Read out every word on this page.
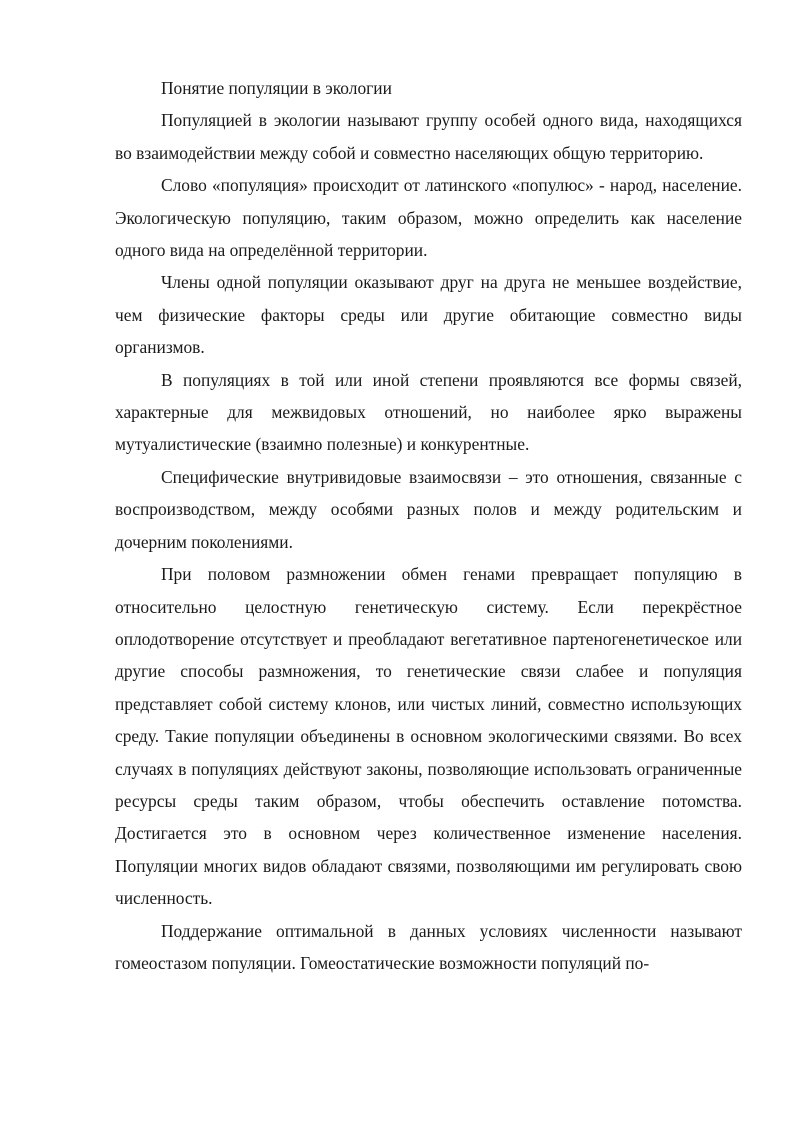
Понятие популяции в экологии

Популяцией в экологии называют группу особей одного вида, находящихся во взаимодействии между собой и совместно населяющих общую территорию.

Слово «популяция» происходит от латинского «популюс» - народ, население. Экологическую популяцию, таким образом, можно определить как население одного вида на определённой территории.

Члены одной популяции оказывают друг на друга не меньшее воздействие, чем физические факторы среды или другие обитающие совместно виды организмов.

В популяциях в той или иной степени проявляются все формы связей, характерные для межвидовых отношений, но наиболее ярко выражены мутуалистические (взаимно полезные) и конкурентные.

Специфические внутривидовые взаимосвязи – это отношения, связанные с воспроизводством, между особями разных полов и между родительским и дочерним поколениями.

При половом размножении обмен генами превращает популяцию в относительно целостную генетическую систему. Если перекрёстное оплодотворение отсутствует и преобладают вегетативное партеногенетическое или другие способы размножения, то генетические связи слабее и популяция представляет собой систему клонов, или чистых линий, совместно использующих среду. Такие популяции объединены в основном экологическими связями. Во всех случаях в популяциях действуют законы, позволяющие использовать ограниченные ресурсы среды таким образом, чтобы обеспечить оставление потомства. Достигается это в основном через количественное изменение населения. Популяции многих видов обладают связями, позволяющими им регулировать свою численность.

Поддержание оптимальной в данных условиях численности называют гомеостазом популяции. Гомеостатические возможности популяций по-
